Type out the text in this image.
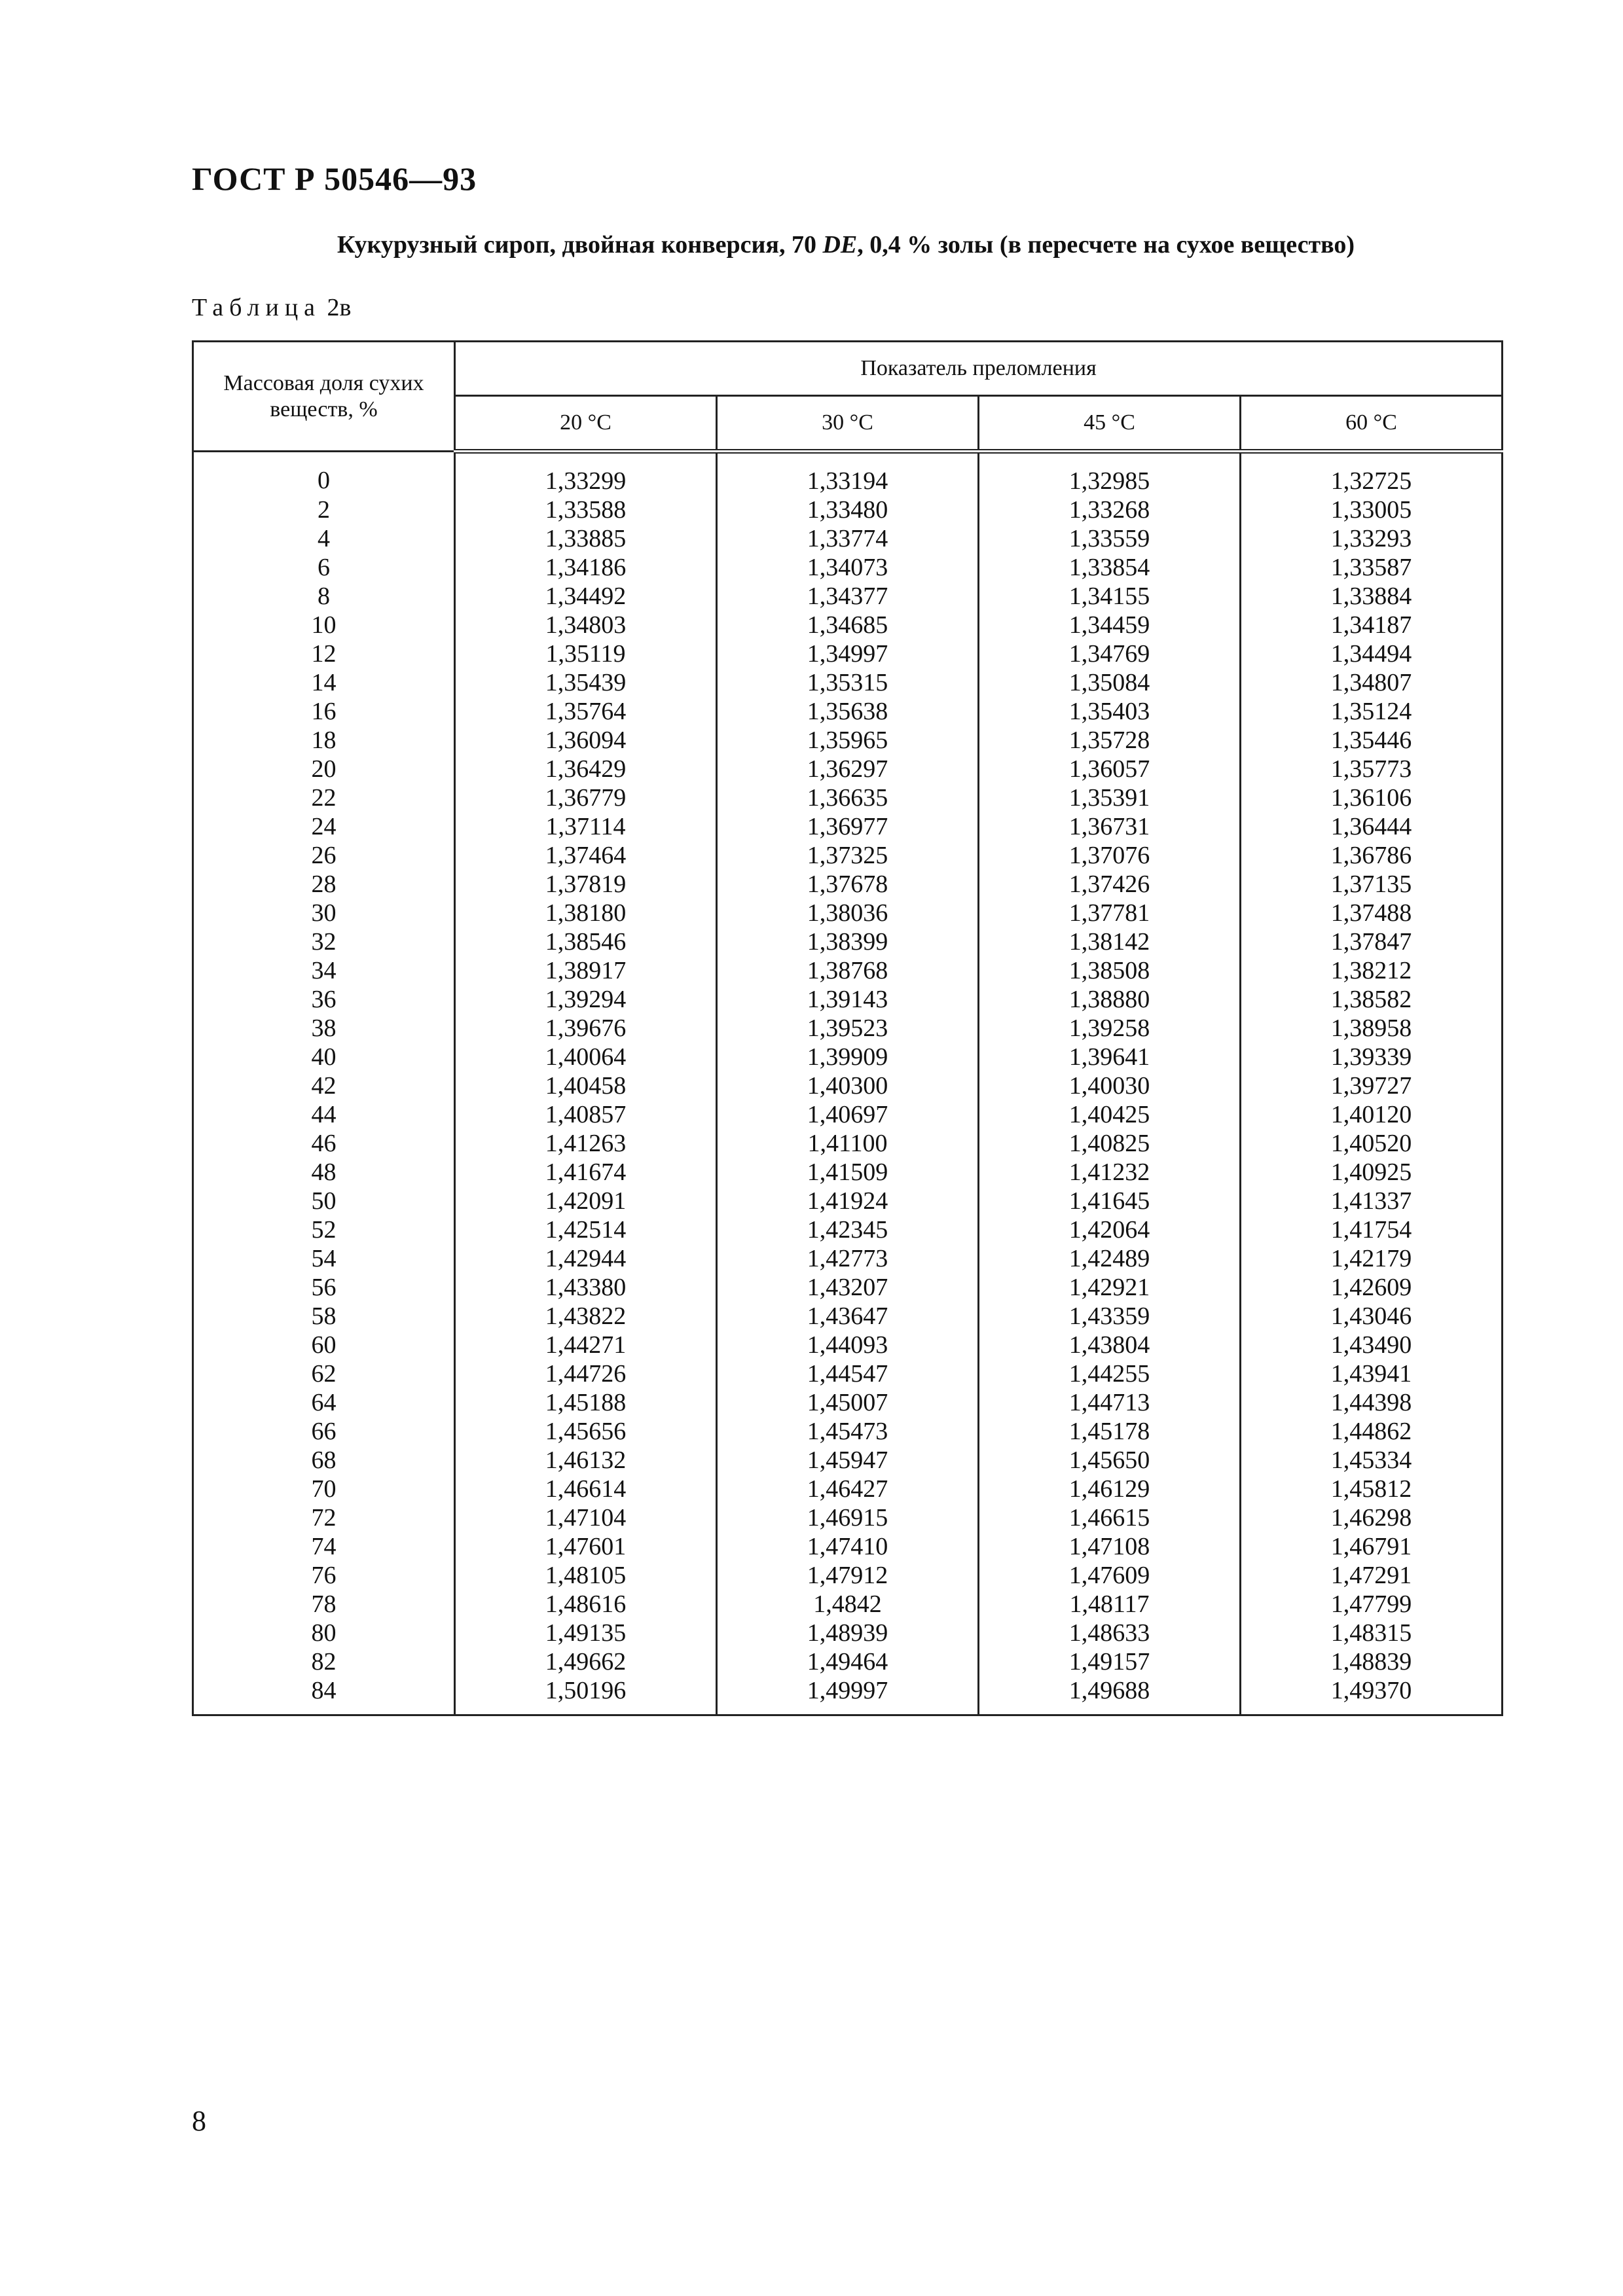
ГОСТ Р 50546—93
Кукурузный сироп, двойная конверсия, 70 DE, 0,4 % золы (в пересчете на сухое вещество)
Таблица 2в
Массовая доля сухих веществ, %	Показатель преломления			
	20 °С	30 °С	45 °С	60 °С
0	1,33299	1,33194	1,32985	1,32725
2	1,33588	1,33480	1,33268	1,33005
4	1,33885	1,33774	1,33559	1,33293
6	1,34186	1,34073	1,33854	1,33587
8	1,34492	1,34377	1,34155	1,33884
10	1,34803	1,34685	1,34459	1,34187
12	1,35119	1,34997	1,34769	1,34494
14	1,35439	1,35315	1,35084	1,34807
16	1,35764	1,35638	1,35403	1,35124
18	1,36094	1,35965	1,35728	1,35446
20	1,36429	1,36297	1,36057	1,35773
22	1,36779	1,36635	1,35391	1,36106
24	1,37114	1,36977	1,36731	1,36444
26	1,37464	1,37325	1,37076	1,36786
28	1,37819	1,37678	1,37426	1,37135
30	1,38180	1,38036	1,37781	1,37488
32	1,38546	1,38399	1,38142	1,37847
34	1,38917	1,38768	1,38508	1,38212
36	1,39294	1,39143	1,38880	1,38582
38	1,39676	1,39523	1,39258	1,38958
40	1,40064	1,39909	1,39641	1,39339
42	1,40458	1,40300	1,40030	1,39727
44	1,40857	1,40697	1,40425	1,40120
46	1,41263	1,41100	1,40825	1,40520
48	1,41674	1,41509	1,41232	1,40925
50	1,42091	1,41924	1,41645	1,41337
52	1,42514	1,42345	1,42064	1,41754
54	1,42944	1,42773	1,42489	1,42179
56	1,43380	1,43207	1,42921	1,42609
58	1,43822	1,43647	1,43359	1,43046
60	1,44271	1,44093	1,43804	1,43490
62	1,44726	1,44547	1,44255	1,43941
64	1,45188	1,45007	1,44713	1,44398
66	1,45656	1,45473	1,45178	1,44862
68	1,46132	1,45947	1,45650	1,45334
70	1,46614	1,46427	1,46129	1,45812
72	1,47104	1,46915	1,46615	1,46298
74	1,47601	1,47410	1,47108	1,46791
76	1,48105	1,47912	1,47609	1,47291
78	1,48616	1,4842	1,48117	1,47799
80	1,49135	1,48939	1,48633	1,48315
82	1,49662	1,49464	1,49157	1,48839
84	1,50196	1,49997	1,49688	1,49370
8
